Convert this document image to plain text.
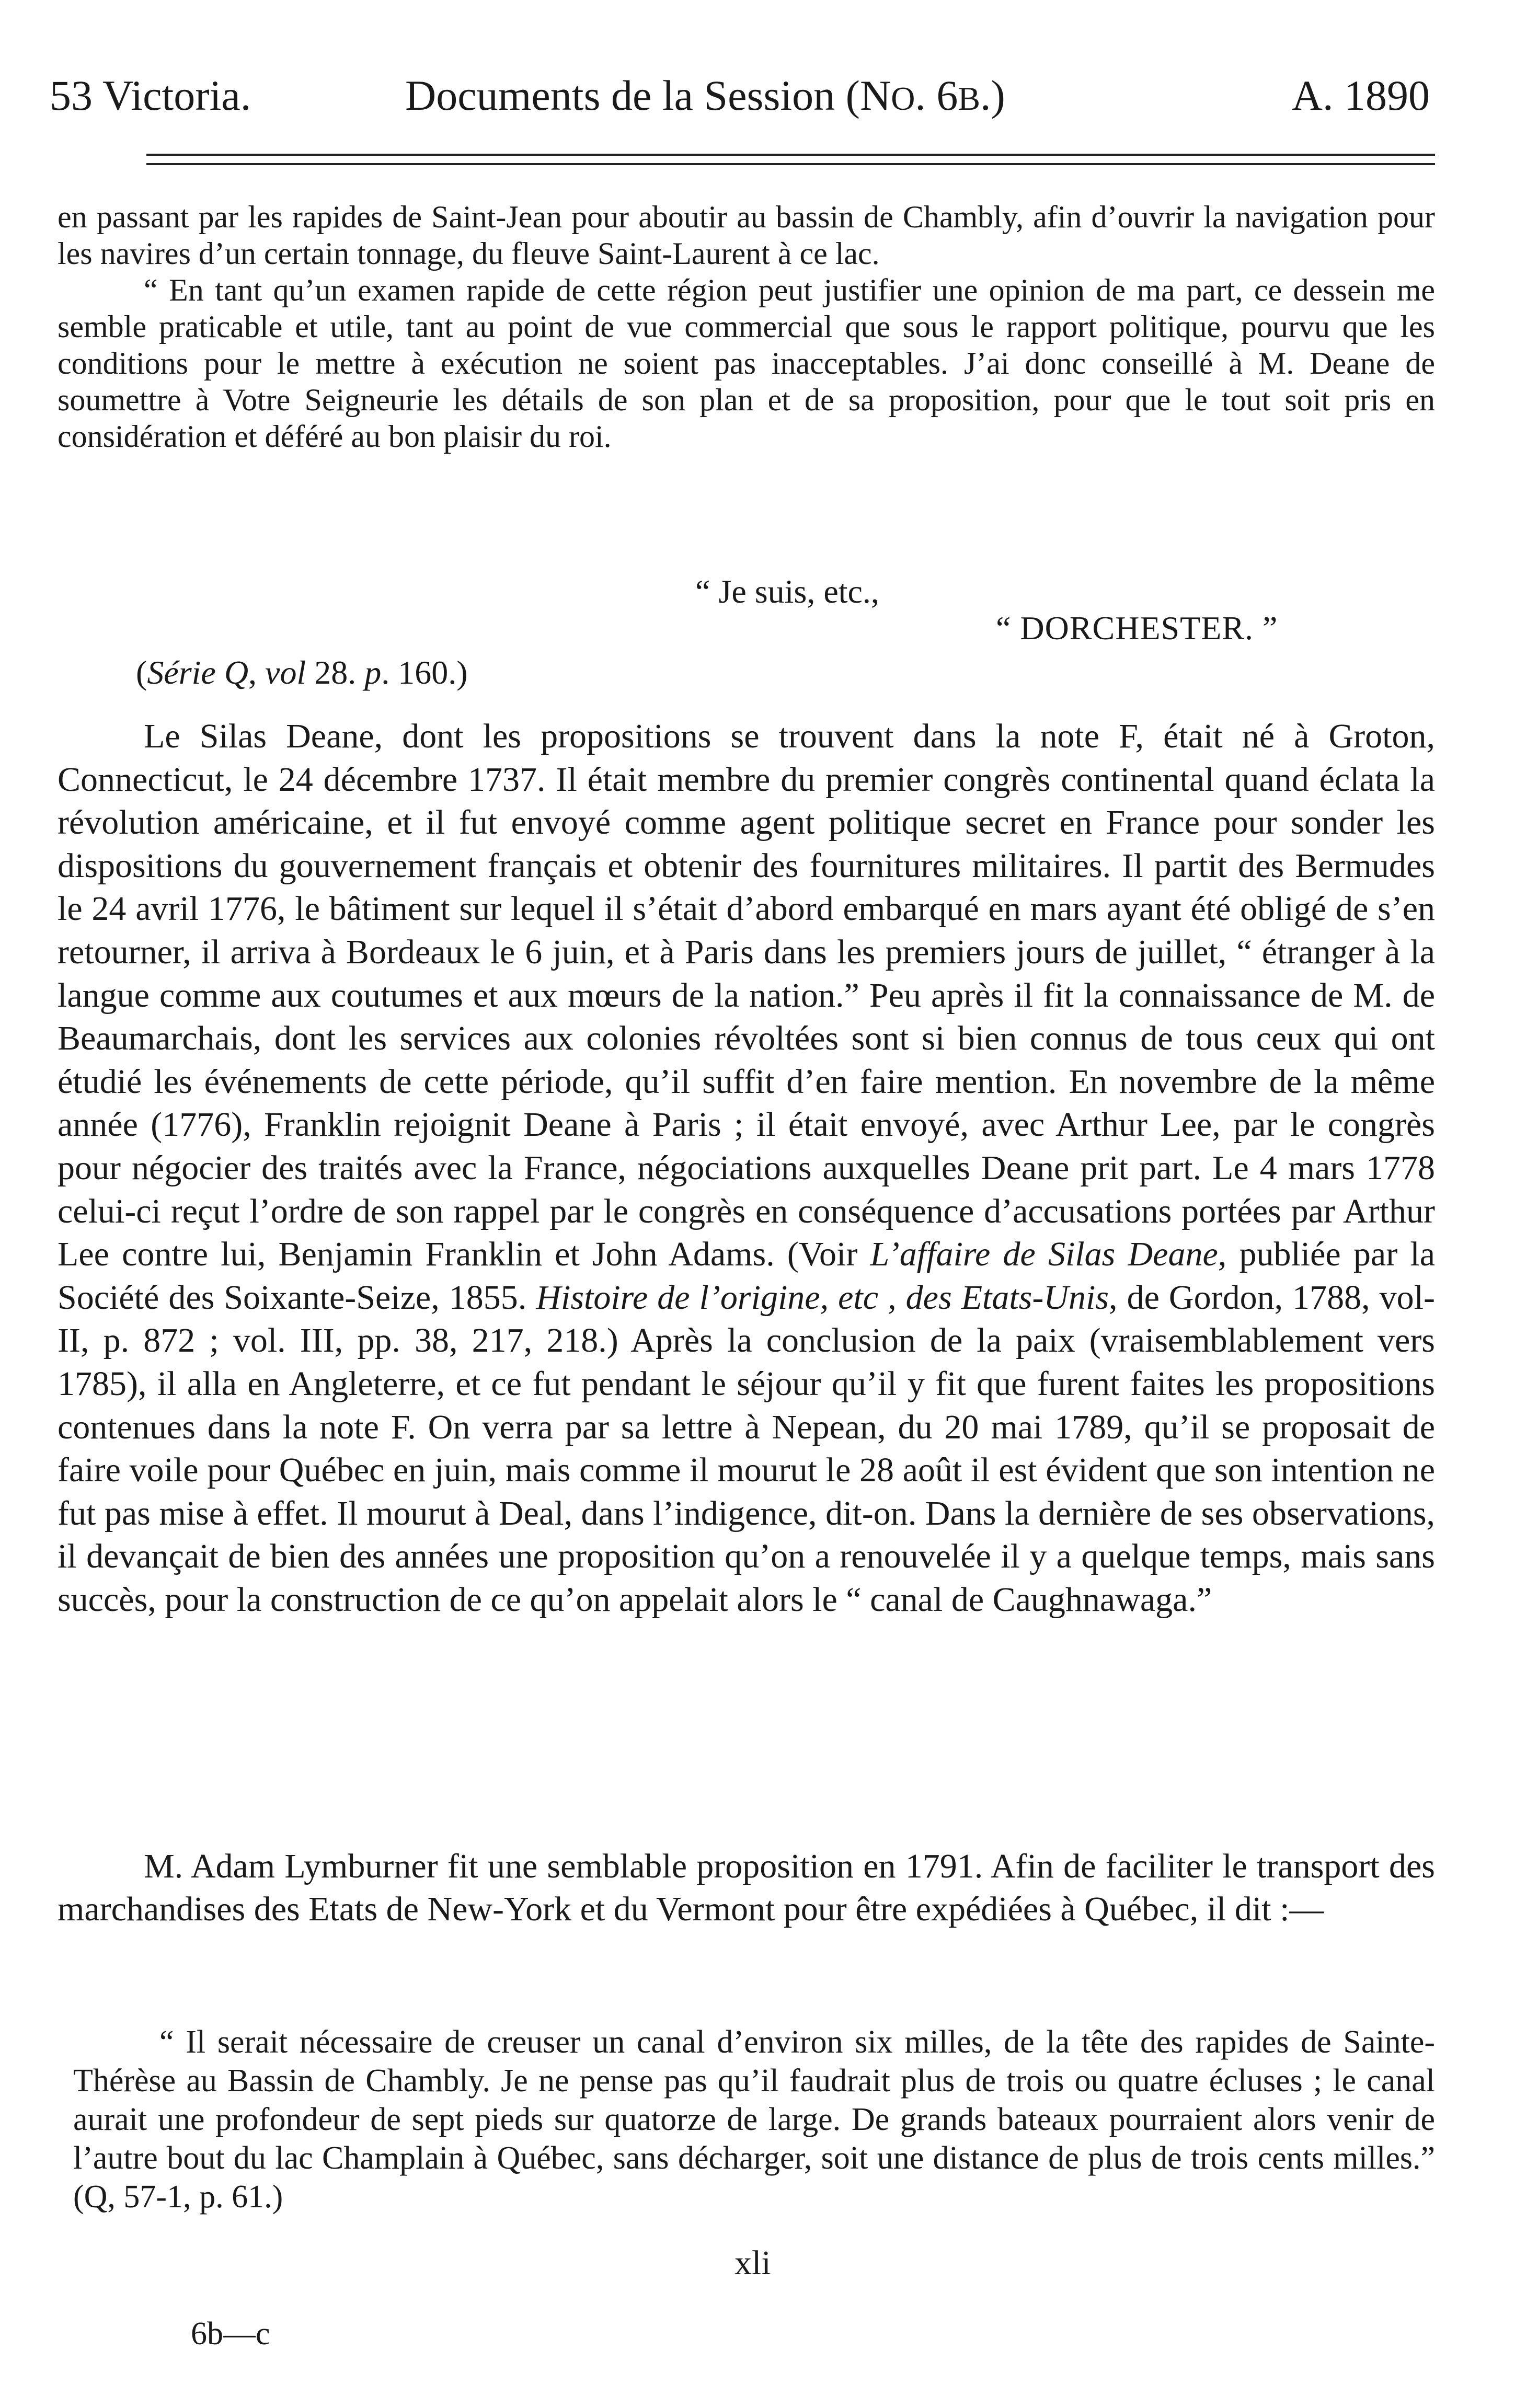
53 Victoria.	Documents de la Session (NO. 6B.)	A. 1890

en passant par les rapides de Saint-Jean pour aboutir au bassin de Chambly, afin d’ouvrir la navigation pour les navires d’un certain tonnage, du fleuve Saint-Laurent à ce lac.

“ En tant qu’un examen rapide de cette région peut justifier une opinion de ma part, ce dessein me semble praticable et utile, tant au point de vue commercial que sous le rapport politique, pourvu que les conditions pour le mettre à exécution ne soient pas inacceptables. J’ai donc conseillé à M. Deane de soumettre à Votre Seigneurie les détails de son plan et de sa proposition, pour que le tout soit pris en considération et déféré au bon plaisir du roi.

“ Je suis, etc.,
“ DORCHESTER. ”
(Série Q, vol 28. p. 160.)

Le Silas Deane, dont les propositions se trouvent dans la note F, était né à Groton, Connecticut, le 24 décembre 1737. Il était membre du premier congrès continental quand éclata la révolution américaine, et il fut envoyé comme agent politique secret en France pour sonder les dispositions du gouvernement français et obtenir des fournitures militaires. Il partit des Bermudes le 24 avril 1776, le bâtiment sur lequel il s’était d’abord embarqué en mars ayant été obligé de s’en retourner, il arriva à Bordeaux le 6 juin, et à Paris dans les premiers jours de juillet, “ étranger à la langue comme aux coutumes et aux mœurs de la nation.” Peu après il fit la connaissance de M. de Beaumarchais, dont les services aux colonies révoltées sont si bien connus de tous ceux qui ont étudié les événements de cette période, qu’il suffit d’en faire mention. En novembre de la même année (1776), Franklin rejoignit Deane à Paris ; il était envoyé, avec Arthur Lee, par le congrès pour négocier des traités avec la France, négociations auxquelles Deane prit part. Le 4 mars 1778 celui-ci reçut l’ordre de son rappel par le congrès en conséquence d’accusations portées par Arthur Lee contre lui, Benjamin Franklin et John Adams. (Voir L’affaire de Silas Deane, publiée par la Société des Soixante-Seize, 1855. Histoire de l’origine, etc , des Etats-Unis, de Gordon, 1788, vol- II, p. 872 ; vol. III, pp. 38, 217, 218.) Après la conclusion de la paix (vraisemblablement vers 1785), il alla en Angleterre, et ce fut pendant le séjour qu’il y fit que furent faites les propositions contenues dans la note F. On verra par sa lettre à Nepean, du 20 mai 1789, qu’il se proposait de faire voile pour Québec en juin, mais comme il mourut le 28 août il est évident que son intention ne fut pas mise à effet. Il mourut à Deal, dans l’indigence, dit-on. Dans la dernière de ses observations, il devançait de bien des années une proposition qu’on a renouvelée il y a quelque temps, mais sans succès, pour la construction de ce qu’on appelait alors le “ canal de Caughnawaga.”

M. Adam Lymburner fit une semblable proposition en 1791. Afin de faciliter le transport des marchandises des Etats de New-York et du Vermont pour être expédiées à Québec, il dit :—

“ Il serait nécessaire de creuser un canal d’environ six milles, de la tête des rapides de Sainte-Thérèse au Bassin de Chambly. Je ne pense pas qu’il faudrait plus de trois ou quatre écluses ; le canal aurait une profondeur de sept pieds sur quatorze de large. De grands bateaux pourraient alors venir de l’autre bout du lac Champlain à Québec, sans décharger, soit une distance de plus de trois cents milles.” (Q, 57-1, p. 61.)

xli
6b—c
